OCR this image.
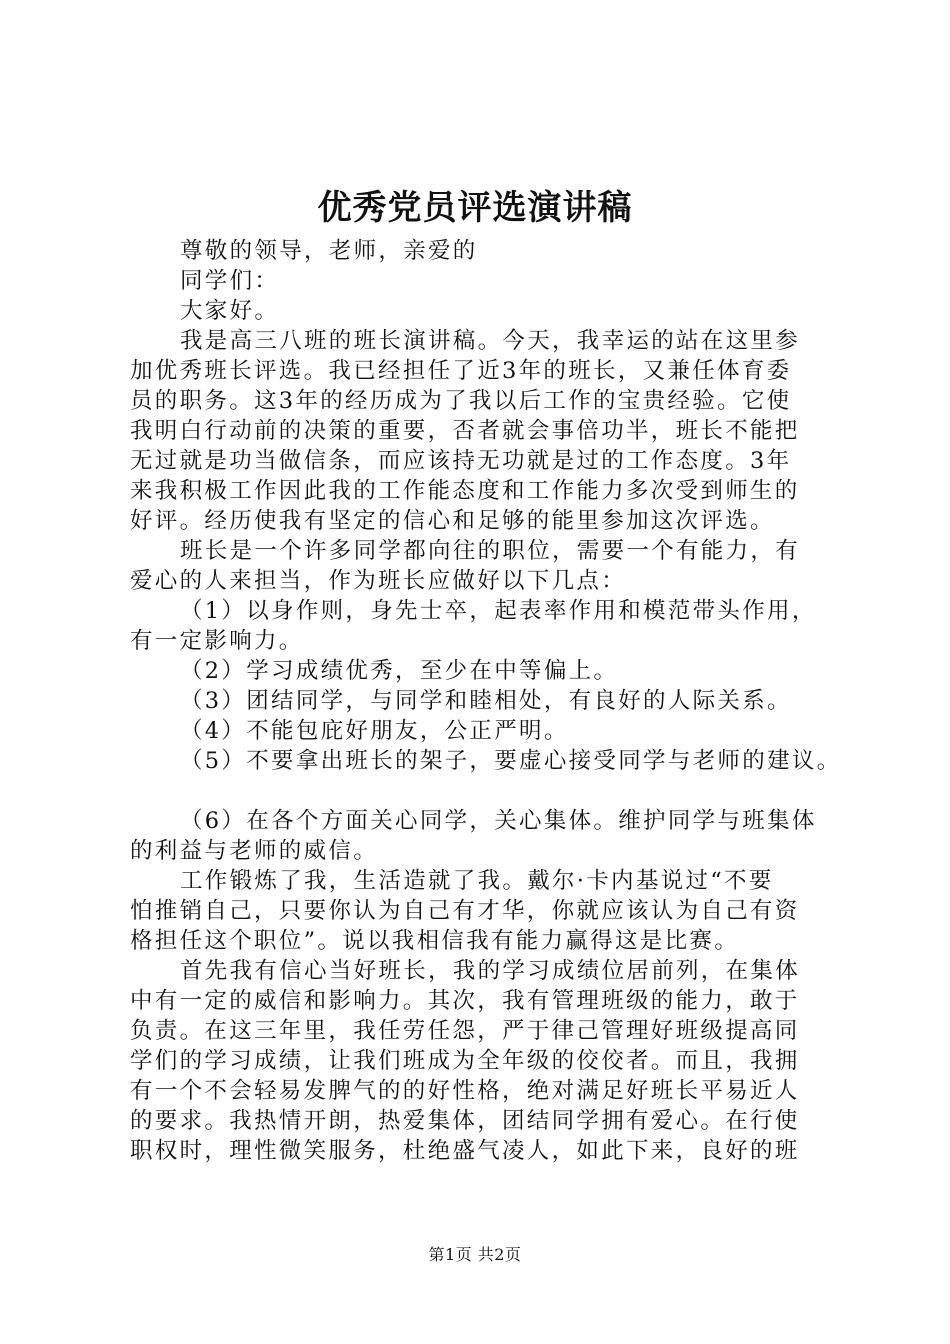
优秀党员评选演讲稿
尊敬的领导，老师，亲爱的
同学们：
大家好。
我是高三八班的班长演讲稿。今天，我幸运的站在这里参
加优秀班长评选。我已经担任了近3年的班长，又兼任体育委
员的职务。这3年的经历成为了我以后工作的宝贵经验。它使
我明白行动前的决策的重要，否者就会事倍功半，班长不能把
无过就是功当做信条，而应该持无功就是过的工作态度。3年
来我积极工作因此我的工作能态度和工作能力多次受到师生的
好评。经历使我有坚定的信心和足够的能里参加这次评选。
班长是一个许多同学都向往的职位，需要一个有能力，有
爱心的人来担当，作为班长应做好以下几点：
（1）以身作则，身先士卒，起表率作用和模范带头作用，
有一定影响力。
（2）学习成绩优秀，至少在中等偏上。
（3）团结同学，与同学和睦相处，有良好的人际关系。
（4）不能包庇好朋友，公正严明。
（5）不要拿出班长的架子，要虚心接受同学与老师的建议。
（6）在各个方面关心同学，关心集体。维护同学与班集体
的利益与老师的威信。
工作锻炼了我，生活造就了我。戴尔·卡内基说过“不要
怕推销自己，只要你认为自己有才华，你就应该认为自己有资
格担任这个职位”。说以我相信我有能力赢得这是比赛。
首先我有信心当好班长，我的学习成绩位居前列，在集体
中有一定的威信和影响力。其次，我有管理班级的能力，敢于
负责。在这三年里，我任劳任怨，严于律己管理好班级提高同
学们的学习成绩，让我们班成为全年级的佼佼者。而且，我拥
有一个不会轻易发脾气的的好性格，绝对满足好班长平易近人
的要求。我热情开朗，热爱集体，团结同学拥有爱心。在行使
职权时，理性微笑服务，杜绝盛气凌人，如此下来，良好的班
第1页 共2页
